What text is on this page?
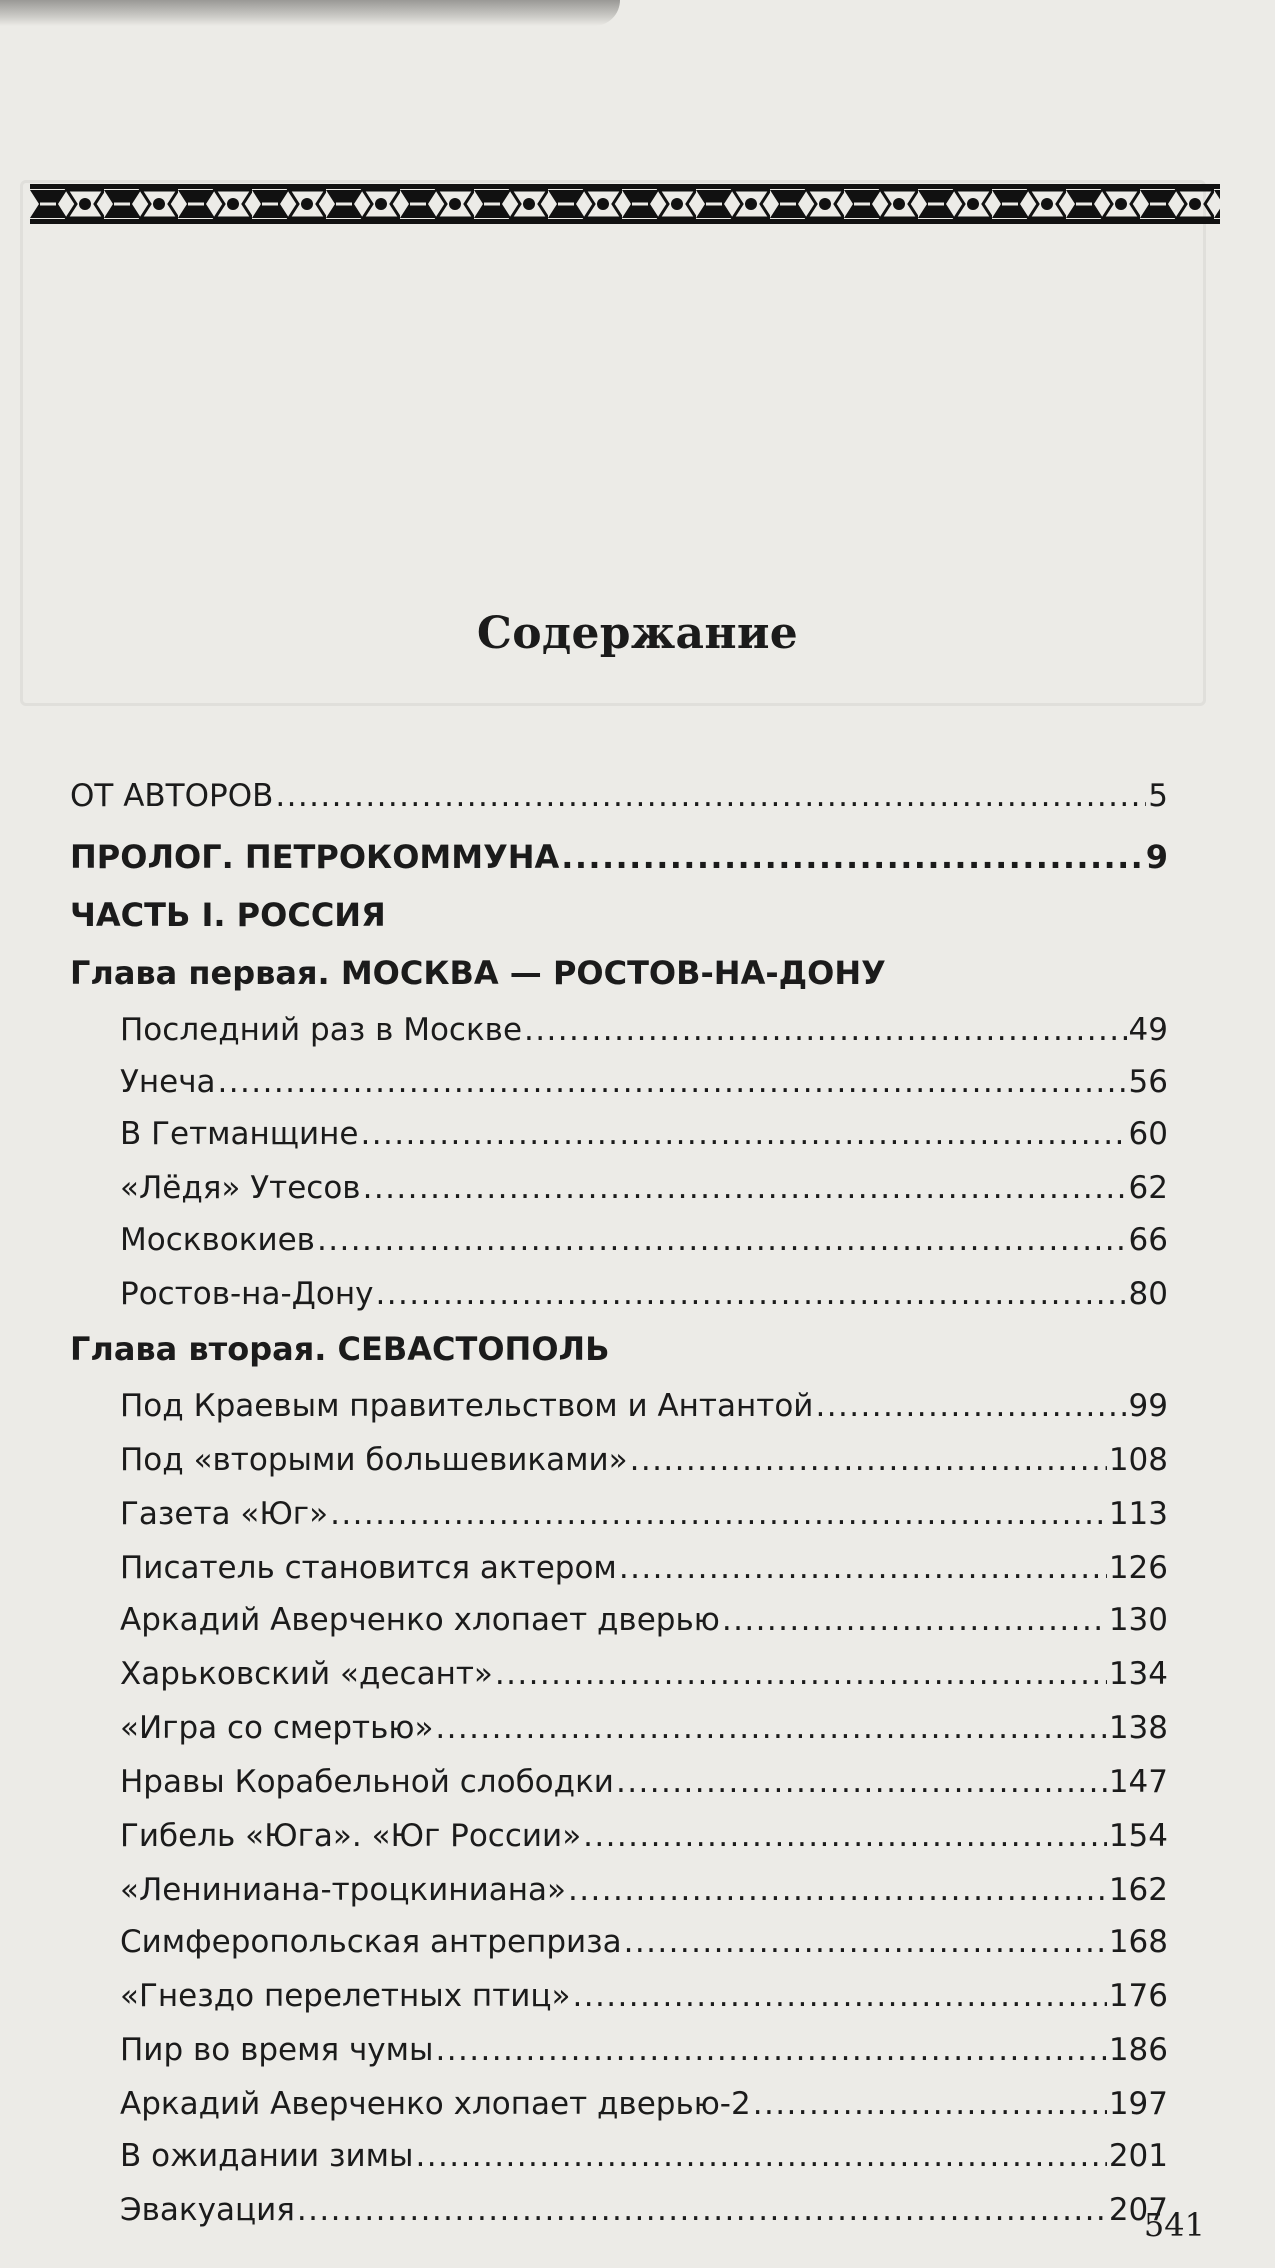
Содержание
ОТ АВТОРОВ .....	5
ПРОЛОГ. ПЕТРОКОММУНА .....	9
ЧАСТЬ I. РОССИЯ
Глава первая. МОСКВА — РОСТОВ-НА-ДОНУ
Последний раз в Москве .....	49
Унеча .....	56
В Гетманщине .....	60
«Лёдя» Утесов .....	62
Москвокиев .....	66
Ростов-на-Дону .....	80
Глава вторая. СЕВАСТОПОЛЬ
Под Краевым правительством и Антантой .....	99
Под «вторыми большевиками» .....	108
Газета «Юг» .....	113
Писатель становится актером .....	126
Аркадий Аверченко хлопает дверью .....	130
Харьковский «десант» .....	134
«Игра со смертью» .....	138
Нравы Корабельной слободки .....	147
Гибель «Юга». «Юг России» .....	154
«Лениниана-троцкиниана» .....	162
Симферопольская антреприза .....	168
«Гнездо перелетных птиц» .....	176
Пир во время чумы .....	186
Аркадий Аверченко хлопает дверью-2 .....	197
В ожидании зимы .....	201
Эвакуация .....	207
541
